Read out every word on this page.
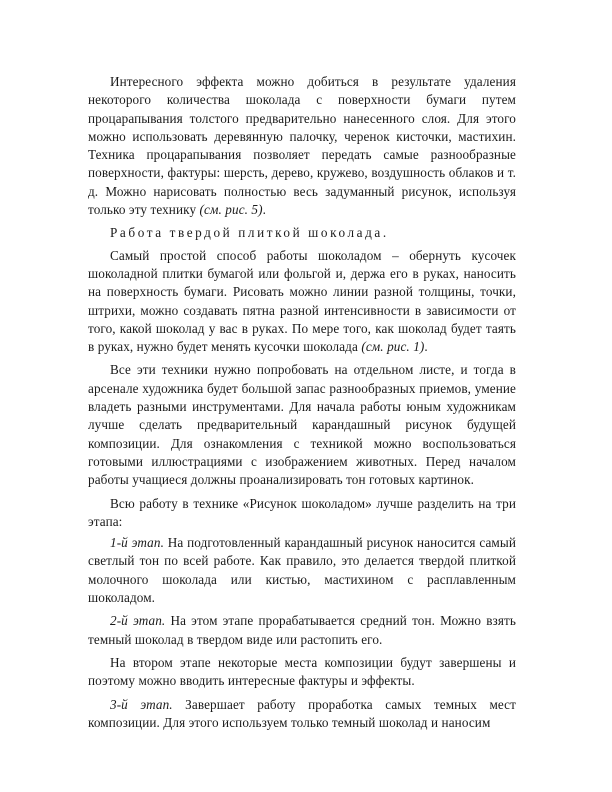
Интересного эффекта можно добиться в результате удаления некоторого количества шоколада с поверхности бумаги путем процарапывания толстого предварительно нанесенного слоя. Для этого можно использовать деревянную палочку, черенок кисточки, мастихин. Техника процарапывания позволяет передать самые разнообразные поверхности, фактуры: шерсть, дерево, кружево, воздушность облаков и т. д. Можно нарисовать полностью весь задуманный рисунок, используя только эту технику (см. рис. 5).

Работа твердой плиткой шоколада.

Самый простой способ работы шоколадом – обернуть кусочек шоколадной плитки бумагой или фольгой и, держа его в руках, наносить на поверхность бумаги. Рисовать можно линии разной толщины, точки, штрихи, можно создавать пятна разной интенсивности в зависимости от того, какой шоколад у вас в руках. По мере того, как шоколад будет таять в руках, нужно будет менять кусочки шоколада (см. рис. 1).

Все эти техники нужно попробовать на отдельном листе, и тогда в арсенале художника будет большой запас разнообразных приемов, умение владеть разными инструментами. Для начала работы юным художникам лучше сделать предварительный карандашный рисунок будущей композиции. Для ознакомления с техникой можно воспользоваться готовыми иллюстрациями с изображением животных. Перед началом работы учащиеся должны проанализировать тон готовых картинок.

Всю работу в технике «Рисунок шоколадом» лучше разделить на три этапа:

1-й этап. На подготовленный карандашный рисунок наносится самый светлый тон по всей работе. Как правило, это делается твердой плиткой молочного шоколада или кистью, мастихином с расплавленным шоколадом.

2-й этап. На этом этапе прорабатывается средний тон. Можно взять темный шоколад в твердом виде или растопить его.

На втором этапе некоторые места композиции будут завершены и поэтому можно вводить интересные фактуры и эффекты.

3-й этап. Завершает работу проработка самых темных мест композиции. Для этого используем только темный шоколад и наносим
